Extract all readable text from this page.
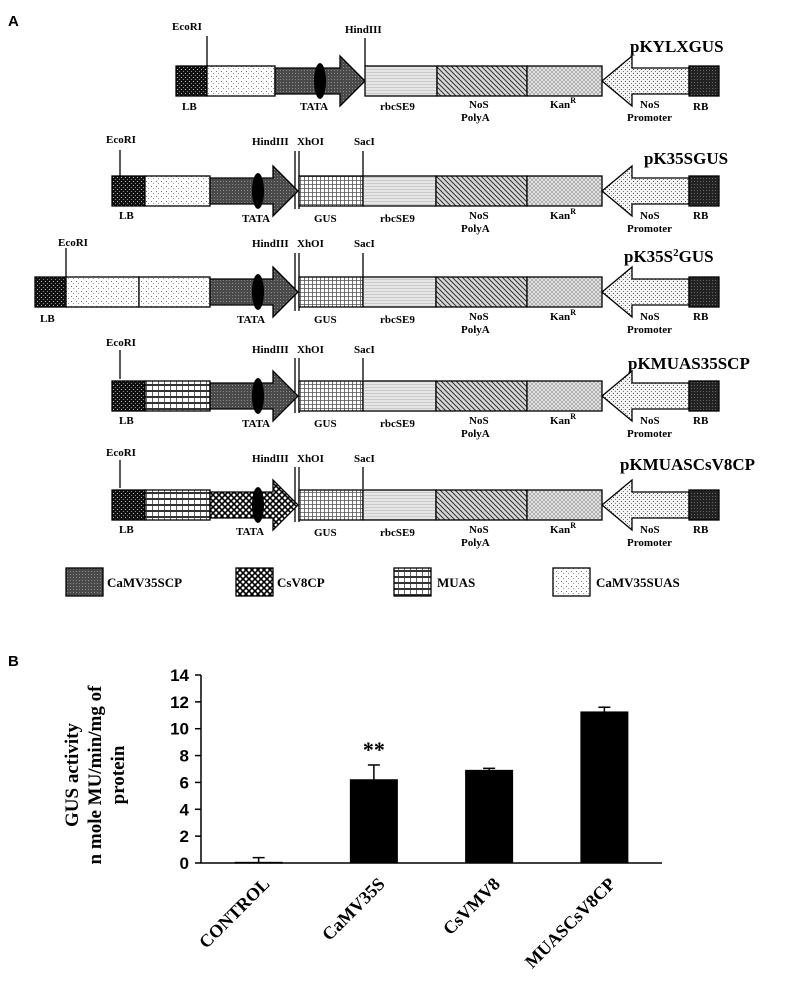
A	EcoRI	HindIII
LB	TATA	rbcSE9	NoS
PolyA
Kan$^R$	NoS
Promoter
RB
pKYLXGUS
EcoRI	HindIII XhOI	SacI
LB	TATA	GUS	rbcSE9	NoS
PolyA
Kan$^R$	NoS
Promoter
RB
pK35SGUS
EcoRI	HindIII XhOI	SacI
LB	TATA	GUS	rbcSE9	NoS
PolyA
Kan$^R$	NoS
Promoter
RB
$pK35S^2GUS$
EcoRI
HindIII XhOI	SacI
LB	TATA	GUS	rbcSE9	NoS
PolyA
Kan$^R$	NoS
Promoter
RB
pKMUAS35SCP
EcoRI	HindIII XhOI	SacI
LB	TATA	GUS	rbcSE9	NoS
PolyA
Kan$^R$	NoS
Promoter
RB
pKMUASCsV8CP
CaMV35SCP	CsV8CP	MUAS	CaMV35SUAS
B
GUS activity n mole MU/min/mg of protein
0
2
4
6
8
10
12
14
**
CONTROL CaMV35S	CsVMV8 MUASCsV8CP
